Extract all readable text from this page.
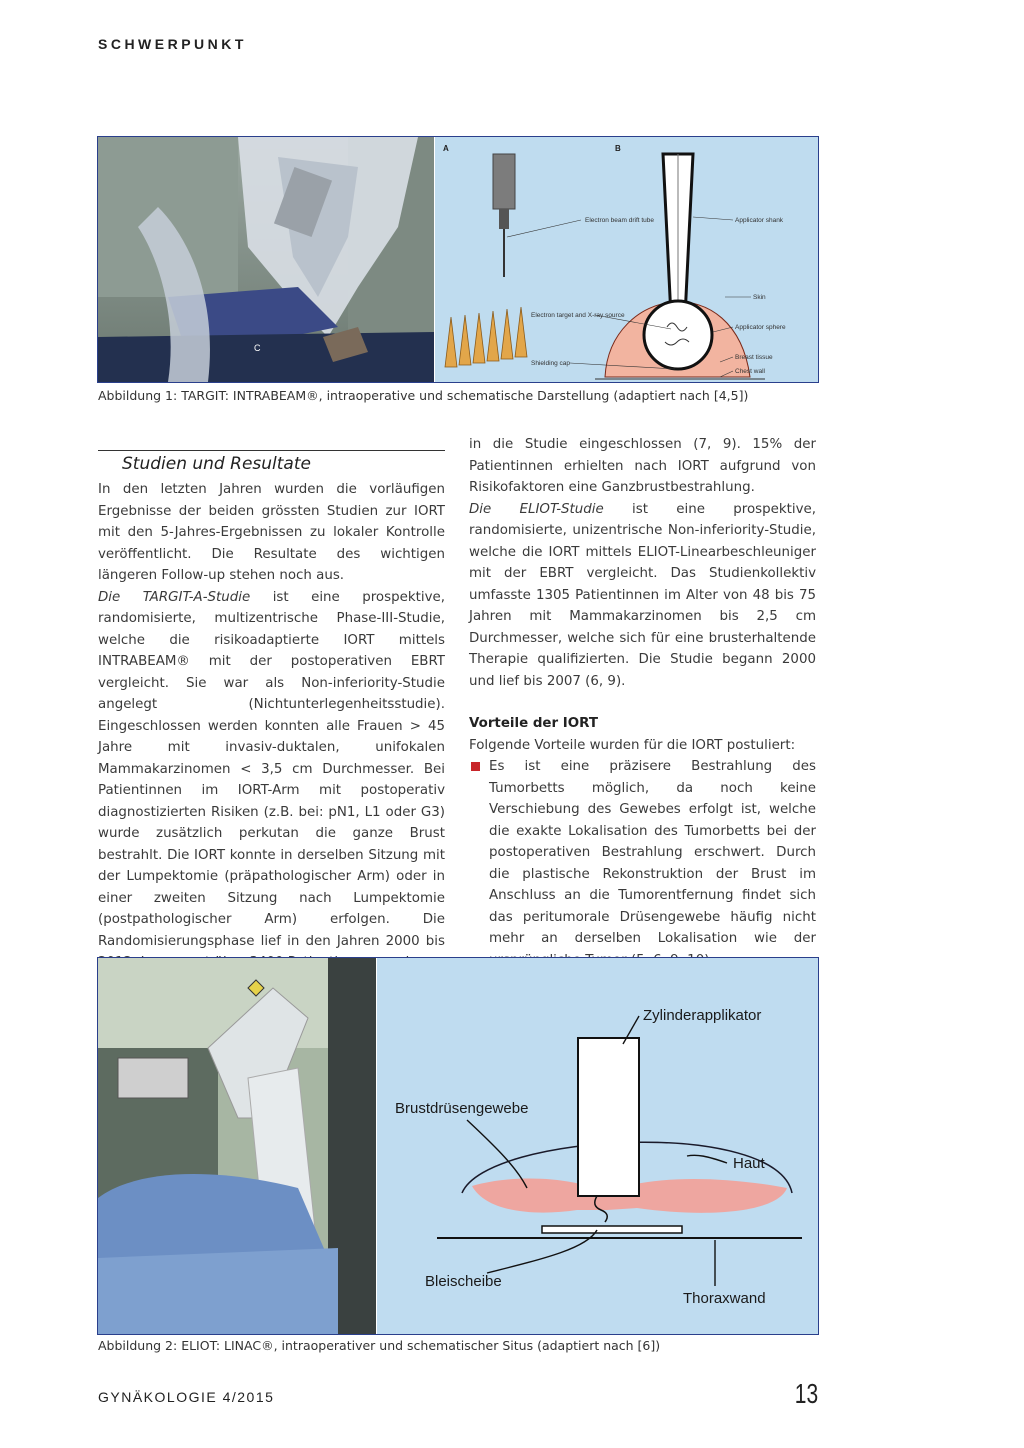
SCHWERPUNKT
C
A	B
Electron beam drift tube	Applicator shank
Skin
Electron target and X-ray source
Applicator sphere
Shielding cap
Breast tissue
Chest wall
Abbildung 1: TARGIT: INTRABEAM®, intraoperative und schematische Darstellung (adaptiert nach [4,5])
Studien und Resultate

In den letzten Jahren wurden die vorläufigen Ergebnisse der beiden grössten Studien zur IORT mit den 5-Jahres-Ergebnissen zu lokaler Kontrolle veröffentlicht. Die Resultate des wichtigen längeren Follow-up stehen noch aus.

Die TARGIT-A-Studie ist eine prospektive, randomisierte, multizentrische Phase-III-Studie, welche die risikoadaptierte IORT mittels INTRABEAM® mit der postoperativen EBRT vergleicht. Sie war als Non-inferiority-Studie angelegt (Nichtunterlegenheitsstudie). Eingeschlossen werden konnten alle Frauen > 45 Jahre mit invasiv-duktalen, unifokalen Mammakarzinomen < 3,5 cm Durchmesser. Bei Patientinnen im IORT-Arm mit postoperativ diagnostizierten Risiken (z.B. bei: pN1, L1 oder G3) wurde zusätzlich perkutan die ganze Brust bestrahlt. Die IORT konnte in derselben Sitzung mit der Lumpektomie (präpathologischer Arm) oder in einer zweiten Sitzung nach Lumpektomie (postpathologischer Arm) erfolgen. Die Randomisierungsphase lief in den Jahren 2000 bis

in die Studie eingeschlossen (7, 9). 15% der Patientinnen erhielten nach IORT aufgrund von Risikofaktoren eine Ganzbrustbestrahlung.

Die ELIOT-Studie ist eine prospektive, randomisierte, unizentrische Non-inferiority-Studie, welche die IORT mittels ELIOT-Linearbeschleuniger mit der EBRT vergleicht. Das Studienkollektiv umfasste 1305 Patientinnen im Alter von 48 bis 75 Jahren mit Mammakarzinomen bis 2,5 cm Durchmesser, welche sich für eine brusterhaltende Therapie qualifizierten. Die Studie begann 2000 und lief bis 2007 (6, 9).

Vorteile der IORT

Folgende Vorteile wurden für die IORT postuliert:

Es ist eine präzisere Bestrahlung des Tumorbetts möglich, da noch keine Verschiebung des Gewebes erfolgt ist, welche die exakte Lokalisation des Tumorbetts bei der postoperativen Bestrahlung erschwert. Durch die plastische Rekonstruktion der Brust im Anschluss an die Tumorentfernung findet sich das peritumorale Drüsengewebe häufig nicht mehr an derselben Lokalisation wie der

Zylinderapplikator
Brustdrüsengewebe
Haut
Bleischeibe
Thoraxwand
Abbildung 2: ELIOT: LINAC®, intraoperativer und schematischer Situs (adaptiert nach [6])
GYNÄKOLOGIE 4/2015	13
